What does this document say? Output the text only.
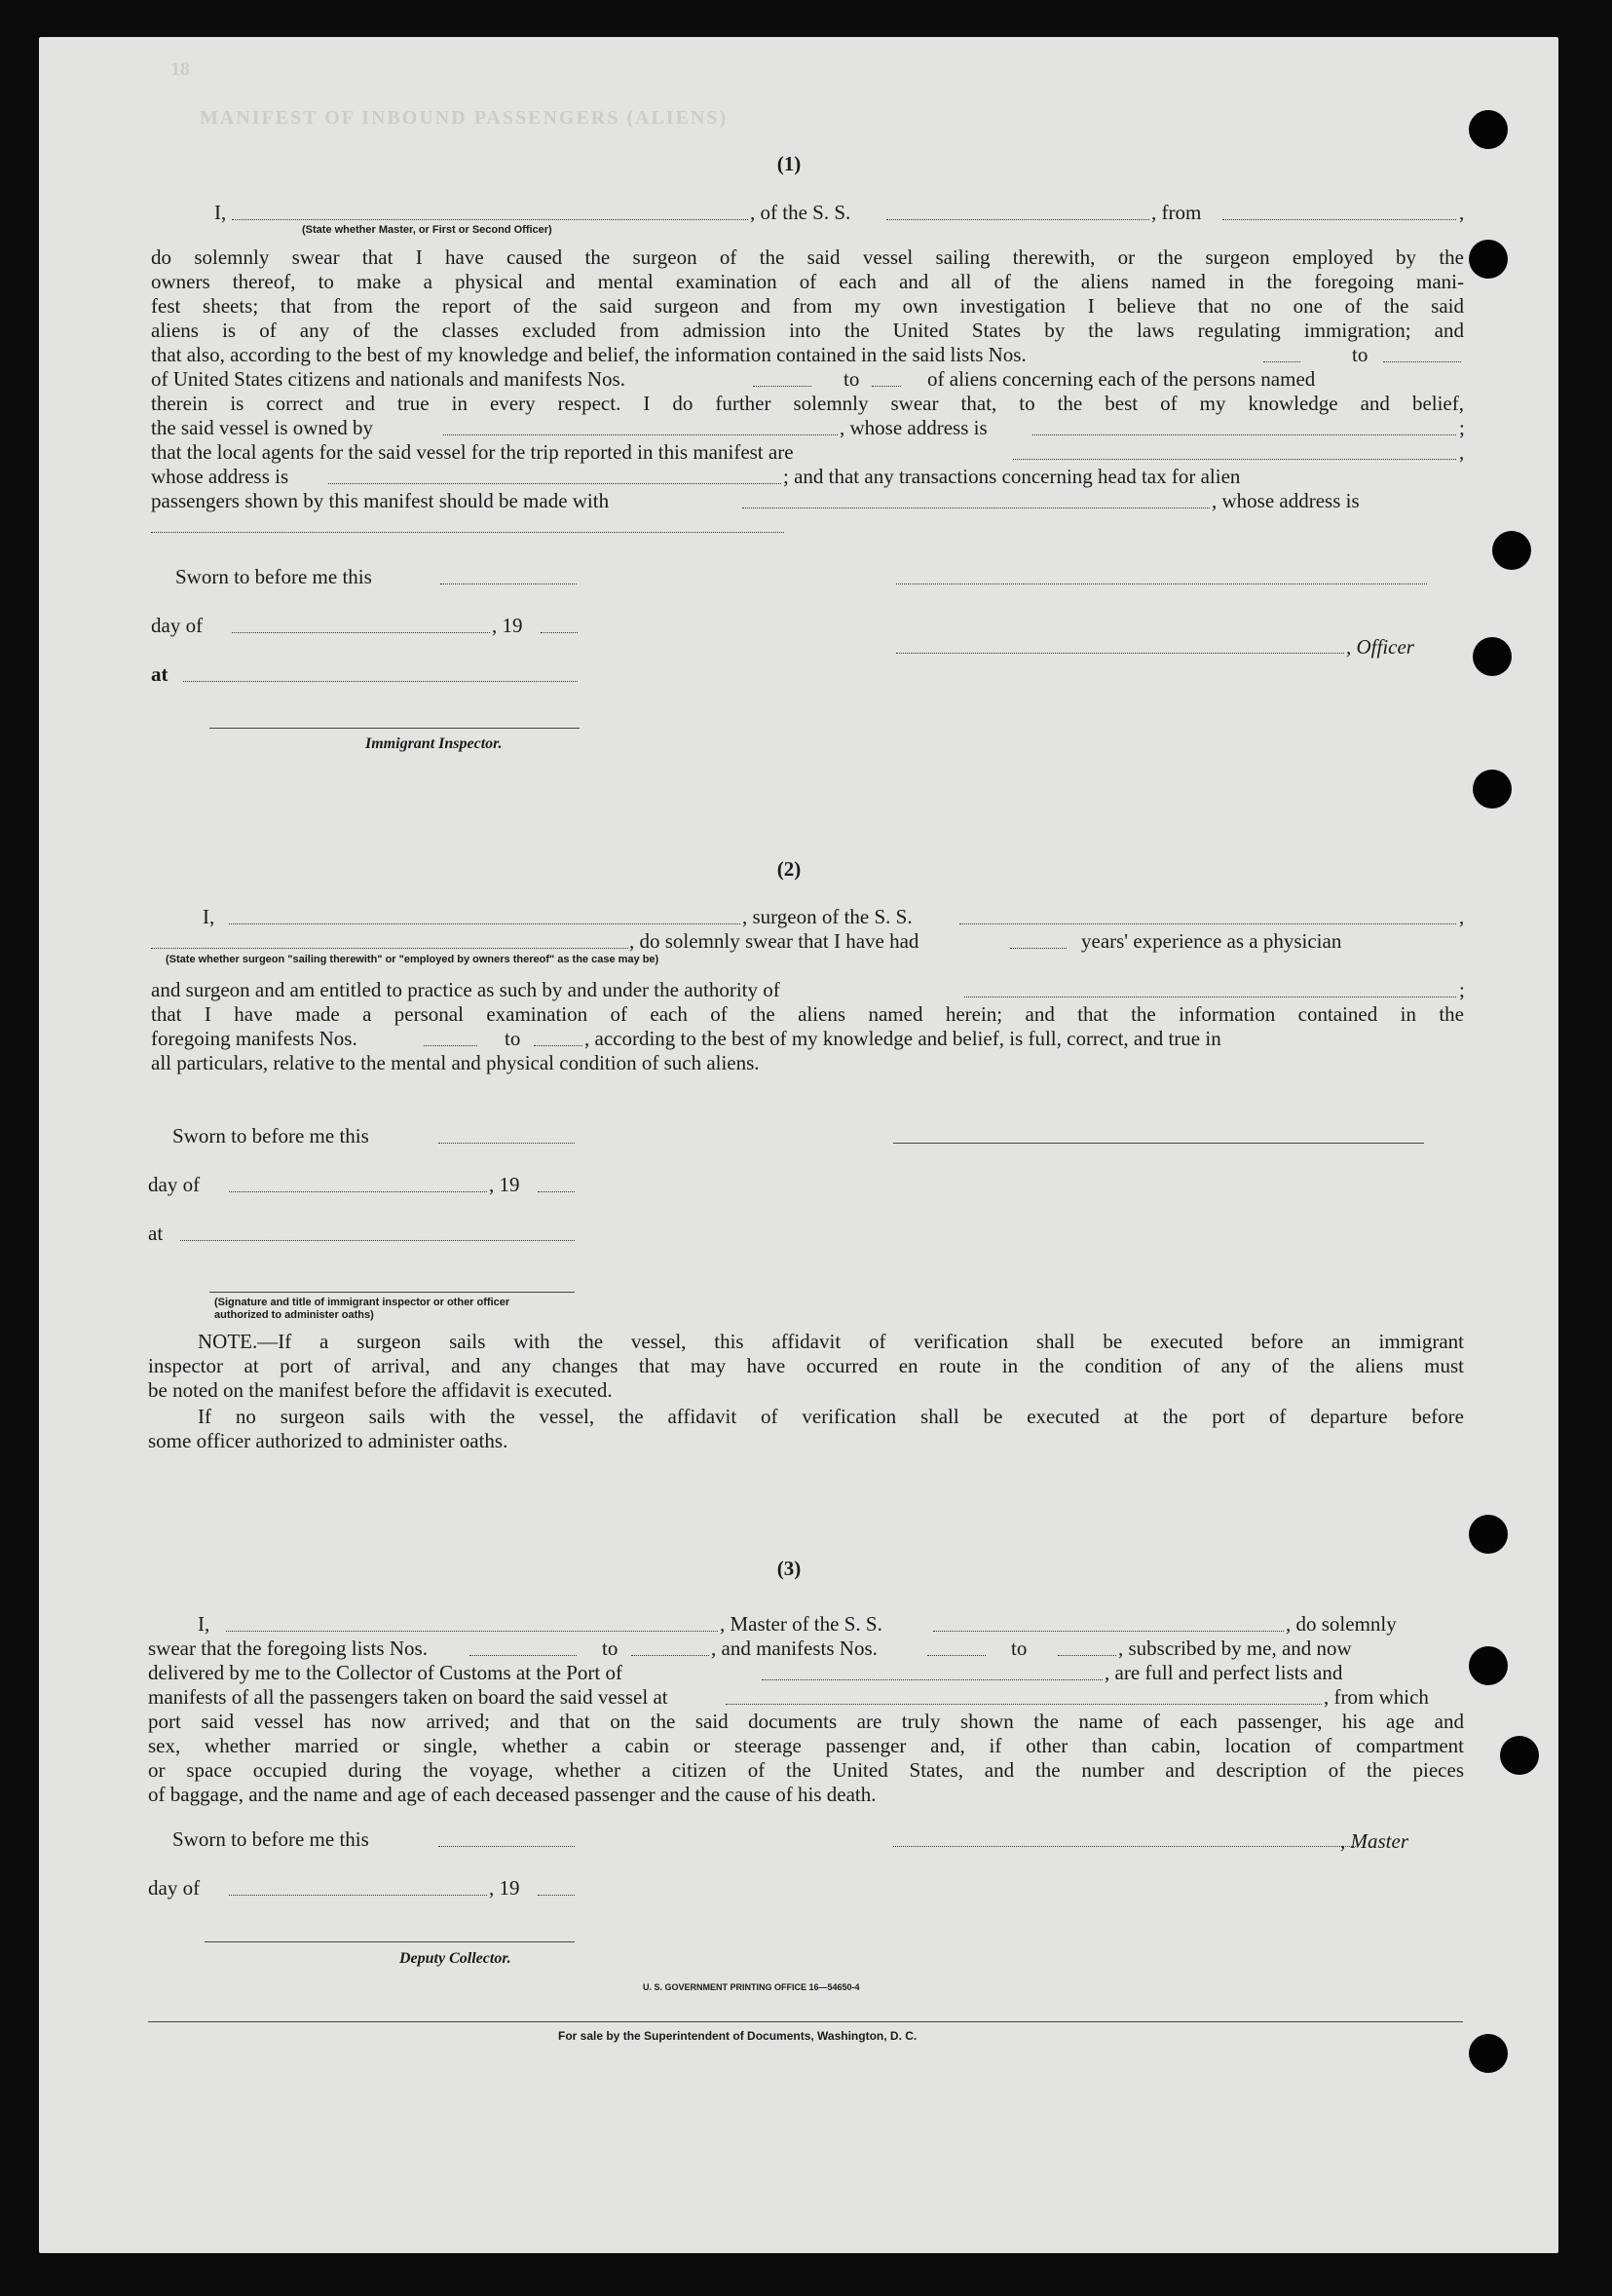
18
MANIFEST OF INBOUND PASSENGERS (ALIENS)
(1)
I,	, of the S. S.	, from	,
(State whether Master, or First or Second Officer)
do solemnly swear that I have caused the surgeon of the said vessel sailing therewith, or the surgeon employed by the
owners thereof, to make a physical and mental examination of each and all of the aliens named in the foregoing mani-
fest sheets; that from the report of the said surgeon and from my own investigation I believe that no one of the said
aliens is of any of the classes excluded from admission into the United States by the laws regulating immigration; and
that also, according to the best of my knowledge and belief, the information contained in the said lists Nos.	to
of United States citizens and nationals and manifests Nos.	to	of aliens concerning each of the persons named
therein is correct and true in every respect. I do further solemnly swear that, to the best of my knowledge and belief,
the said vessel is owned by	, whose address is	;
that the local agents for the said vessel for the trip reported in this manifest are	,
whose address is	; and that any transactions concerning head tax for alien
passengers shown by this manifest should be made with	, whose address is
Sworn to before me this
day of	, 19
, Officer
at
Immigrant Inspector.
(2)
I,	, surgeon of the S. S.	,
, do solemnly swear that I have had	years' experience as a physician
(State whether surgeon "sailing therewith" or "employed by owners thereof" as the case may be)
and surgeon and am entitled to practice as such by and under the authority of	;
that I have made a personal examination of each of the aliens named herein; and that the information contained in the
foregoing manifests Nos.	to	, according to the best of my knowledge and belief, is full, correct, and true in
all particulars, relative to the mental and physical condition of such aliens.
Sworn to before me this
day of	, 19
at
(Signature and title of immigrant inspector or other officer authorized to administer oaths)
NOTE.—If a surgeon sails with the vessel, this affidavit of verification shall be executed before an immigrant
inspector at port of arrival, and any changes that may have occurred en route in the condition of any of the aliens must
be noted on the manifest before the affidavit is executed.
If no surgeon sails with the vessel, the affidavit of verification shall be executed at the port of departure before
some officer authorized to administer oaths.
(3)
I,	, Master of the S. S.	, do solemnly
swear that the foregoing lists Nos.	to	, and manifests Nos.	to	, subscribed by me, and now
delivered by me to the Collector of Customs at the Port of	, are full and perfect lists and
manifests of all the passengers taken on board the said vessel at	, from which
port said vessel has now arrived; and that on the said documents are truly shown the name of each passenger, his age and
sex, whether married or single, whether a cabin or steerage passenger and, if other than cabin, location of compartment
or space occupied during the voyage, whether a citizen of the United States, and the number and description of the pieces
of baggage, and the name and age of each deceased passenger and the cause of his death.
Sworn to before me this	, Master
day of	, 19
Deputy Collector.
U. S. GOVERNMENT PRINTING OFFICE 16—54650-4
For sale by the Superintendent of Documents, Washington, D. C.
